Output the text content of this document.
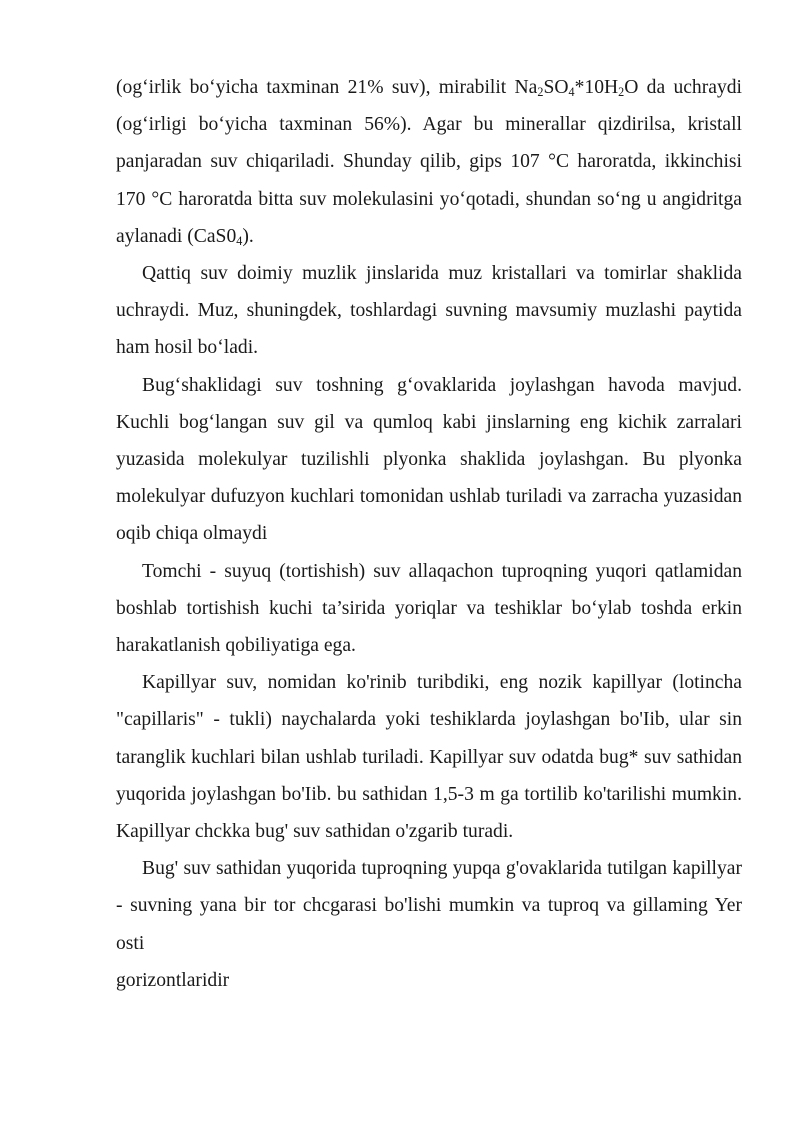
(og‘irlik bo‘yicha taxminan 21% suv), mirabilit $Na_2SO_4*10H_2O$ da uchraydi (og‘irligi bo‘yicha taxminan 56%). Agar bu minerallar qizdirilsa, kristall panjaradan suv chiqariladi. Shunday qilib, gips 107 °C haroratda, ikkinchisi 170 °C haroratda bitta suv molekulasini yo‘qotadi, shundan so‘ng u angidritga aylanadi $(CaS0_4)$.

Qattiq suv doimiy muzlik jinslarida muz kristallari va tomirlar shaklida uchraydi. Muz, shuningdek, toshlardagi suvning mavsumiy muzlashi paytida ham hosil bo‘ladi.

Bug‘shaklidagi suv toshning g‘ovaklarida joylashgan havoda mavjud. Kuchli bog‘langan suv gil va qumloq kabi jinslarning eng kichik zarralari yuzasida molekulyar tuzilishli plyonka shaklida joylashgan. Bu plyonka molekulyar dufuzyon kuchlari tomonidan ushlab turiladi va zarracha yuzasidan oqib chiqa olmaydi

Tomchi - suyuq (tortishish) suv allaqachon tuproqning yuqori qatlamidan boshlab tortishish kuchi ta’sirida yoriqlar va teshiklar bo‘ylab toshda erkin harakatlanish qobiliyatiga ega.

Kapillyar suv, nomidan ko'rinib turibdiki, eng nozik kapillyar (lotincha "capillaris" - tukli) naychalarda yoki teshiklarda joylashgan bo'Iib, ular sin taranglik kuchlari bilan ushlab turiladi. Kapillyar suv odatda bug* suv sathidan yuqorida joylashgan bo'Iib. bu sathidan 1,5-3 m ga tortilib ko'tarilishi mumkin. Kapillyar chckka bug' suv sathidan o'zgarib turadi.

Bug' suv sathidan yuqorida tuproqning yupqa g'ovaklarida tutilgan kapillyar - suvning yana bir tor chcgarasi bo'lishi mumkin va tuproq va gillaming Yer osti

gorizontlaridir
